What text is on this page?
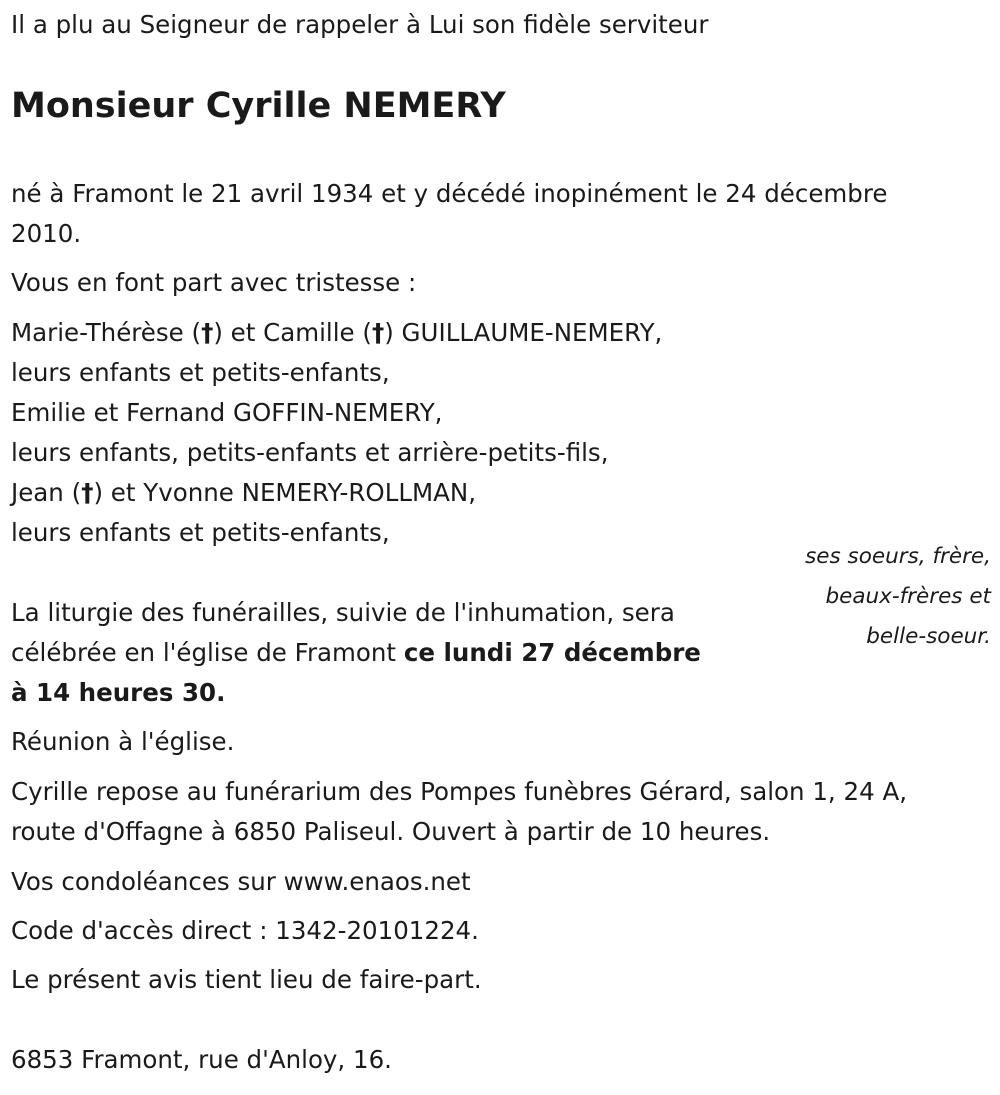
Il a plu au Seigneur de rappeler à Lui son fidèle serviteur
Monsieur Cyrille NEMERY
né à Framont le 21 avril 1934 et y décédé inopinément le 24 décembre
2010.
Vous en font part avec tristesse :
Marie-Thérèse (†) et Camille (†) GUILLAUME-NEMERY,
leurs enfants et petits-enfants,
Emilie et Fernand GOFFIN-NEMERY,
leurs enfants, petits-enfants et arrière-petits-fils,
Jean (†) et Yvonne NEMERY-ROLLMAN,
leurs enfants et petits-enfants,
ses soeurs, frère,
beaux-frères et
belle-soeur.
La liturgie des funérailles, suivie de l'inhumation, sera
célébrée en l'église de Framont ce lundi 27 décembre
à 14 heures 30.
Réunion à l'église.
Cyrille repose au funérarium des Pompes funèbres Gérard, salon 1, 24 A,
route d'Offagne à 6850 Paliseul. Ouvert à partir de 10 heures.
Vos condoléances sur www.enaos.net
Code d'accès direct : 1342-20101224.
Le présent avis tient lieu de faire-part.
6853 Framont, rue d'Anloy, 16.
